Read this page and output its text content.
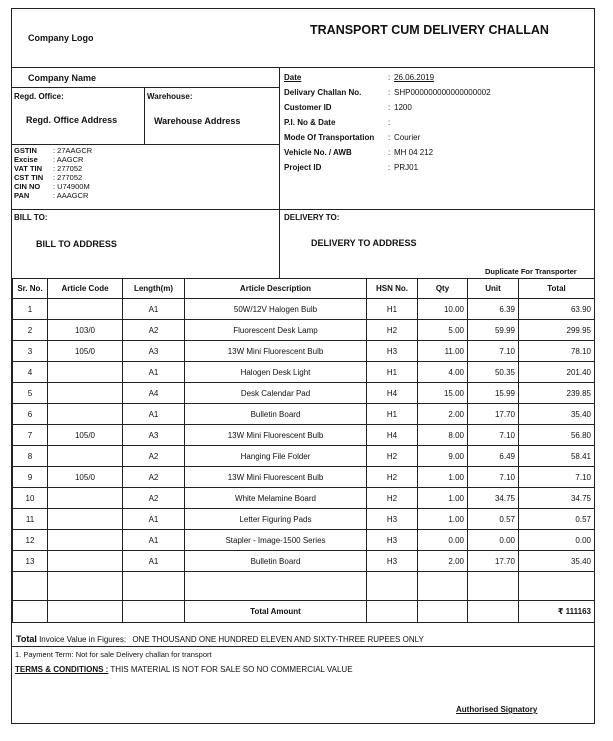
Company Logo
TRANSPORT CUM DELIVERY CHALLAN
Company Name
Regd. Office:
Regd. Office Address
Warehouse:
Warehouse Address
GSTIN : 27AAGCR
Excise : AAGCR
VAT TIN : 277052
CST TIN : 277052
CIN NO : U74900M
PAN	: AAAGCR
Date	: 26.06.2019
Delivary Challan No.	: SHP000000000000000002
Customer ID	: 1200
P.I. No & Date	:
Mode Of Transportation : Courier
Vehicle No. / AWB	: MH 04 212
Project ID	: PRJ01
BILL TO:
BILL TO ADDRESS
DELIVERY TO:
DELIVERY TO ADDRESS
Duplicate For Transporter
Sr. No.	Article Code	Length(m)	Article Description	HSN No.	Qty	Unit	Total
1		A1	50W/12V Halogen Bulb	H1	10.00	6.39	63.90
2	103/0	A2	Fluorescent Desk Lamp	H2	5.00	59.99	299.95
3	105/0	A3	13W Mini Fluorescent Bulb	H3	11.00	7.10	78.10
4		A1	Halogen Desk Light	H1	4.00	50.35	201.40
5		A4	Desk Calendar Pad	H4	15.00	15.99	239.85
6		A1	Bulletin Board	H1	2.00	17.70	35.40
7	105/0	A3	13W Mini Fluorescent Bulb	H4	8.00	7.10	56.80
8		A2	Hanging File Folder	H2	9.00	6.49	58.41
9	105/0	A2	13W Mini Fluorescent Bulb	H2	1.00	7.10	7.10
10		A2	White Melamine Board	H2	1.00	34.75	34.75
11		A1	Letter Figuring Pads	H3	1.00	0.57	0.57
12		A1	Stapler - Image-1500 Series	H3	0.00	0.00	0.00
13		A1	Bulletin Board	H3	2.00	17.70	35.40

			Total Amount				₹ 111163
Total Invoice Value in Figures: ONE THOUSAND ONE HUNDRED ELEVEN AND SIXTY-THREE RUPEES ONLY
1. Payment Term: Not for sale Delivery challan for transport
TERMS & CONDITIONS : THIS MATERIAL IS NOT FOR SALE SO NO COMMERCIAL VALUE
Authorised Signatory
